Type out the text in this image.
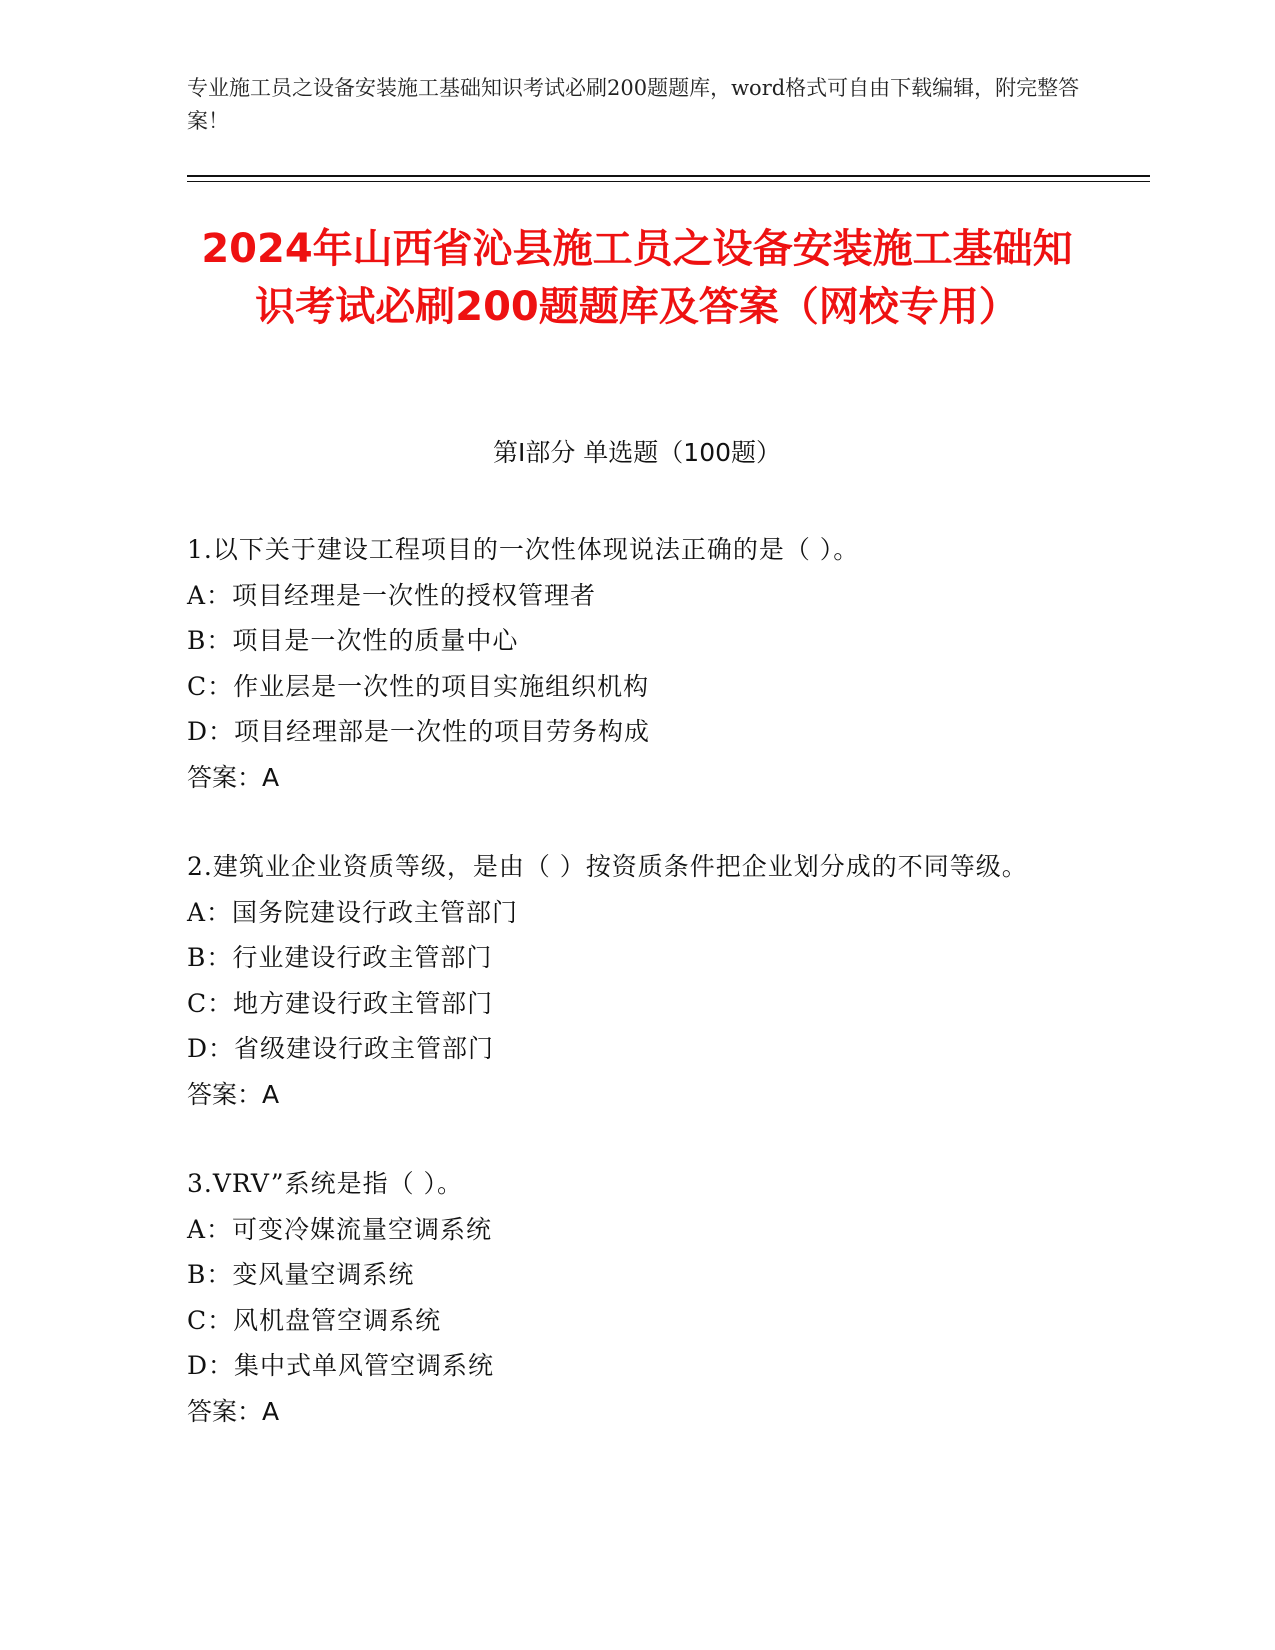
专业施工员之设备安装施工基础知识考试必刷200题题库，word格式可自由下载编辑，附完整答案！
2024年山西省沁县施工员之设备安装施工基础知识考试必刷200题题库及答案（网校专用）
第Ⅰ部分 单选题（100题）
1.以下关于建设工程项目的一次性体现说法正确的是（ ）。
A：项目经理是一次性的授权管理者
B：项目是一次性的质量中心
C：作业层是一次性的项目实施组织机构
D：项目经理部是一次性的项目劳务构成
答案：A
2.建筑业企业资质等级，是由（ ）按资质条件把企业划分成的不同等级。
A：国务院建设行政主管部门
B：行业建设行政主管部门
C：地方建设行政主管部门
D：省级建设行政主管部门
答案：A
3.VRV”系统是指（ ）。
A：可变冷媒流量空调系统
B：变风量空调系统
C：风机盘管空调系统
D：集中式单风管空调系统
答案：A
